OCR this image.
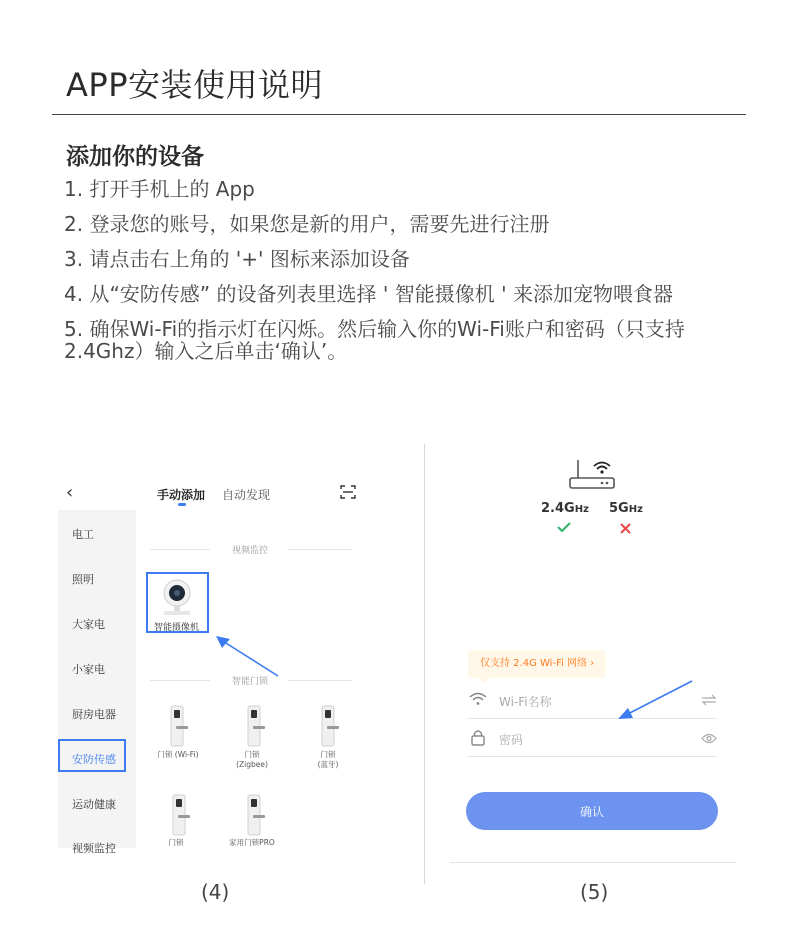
APP安装使用说明
添加你的设备
1. 打开手机上的 App
2. 登录您的账号，如果您是新的用户，需要先进行注册
3. 请点击右上角的 '+' 图标来添加设备
4. 从“安防传感” 的设备列表里选择 ' 智能摄像机 ' 来添加宠物喂食器
5. 确保Wi-Fi的指示灯在闪烁。然后输入你的Wi-Fi账户和密码（只支持2.4Ghz）输入之后单击‘确认’。
‹	手动添加 自动发现
电工
照明
大家电
小家电
厨房电器
安防传感
运动健康
视频监控
视频监控
智能摄像机
智能门锁
门锁 (Wi-Fi)	门锁
(Zigbee)
门锁
(蓝牙)
门锁	家用门锁PRO
(4)
2.4GHz 5GHz
仅支持 2.4G Wi-Fi 网络 ›
Wi-Fi名称
密码
确认
(5)
